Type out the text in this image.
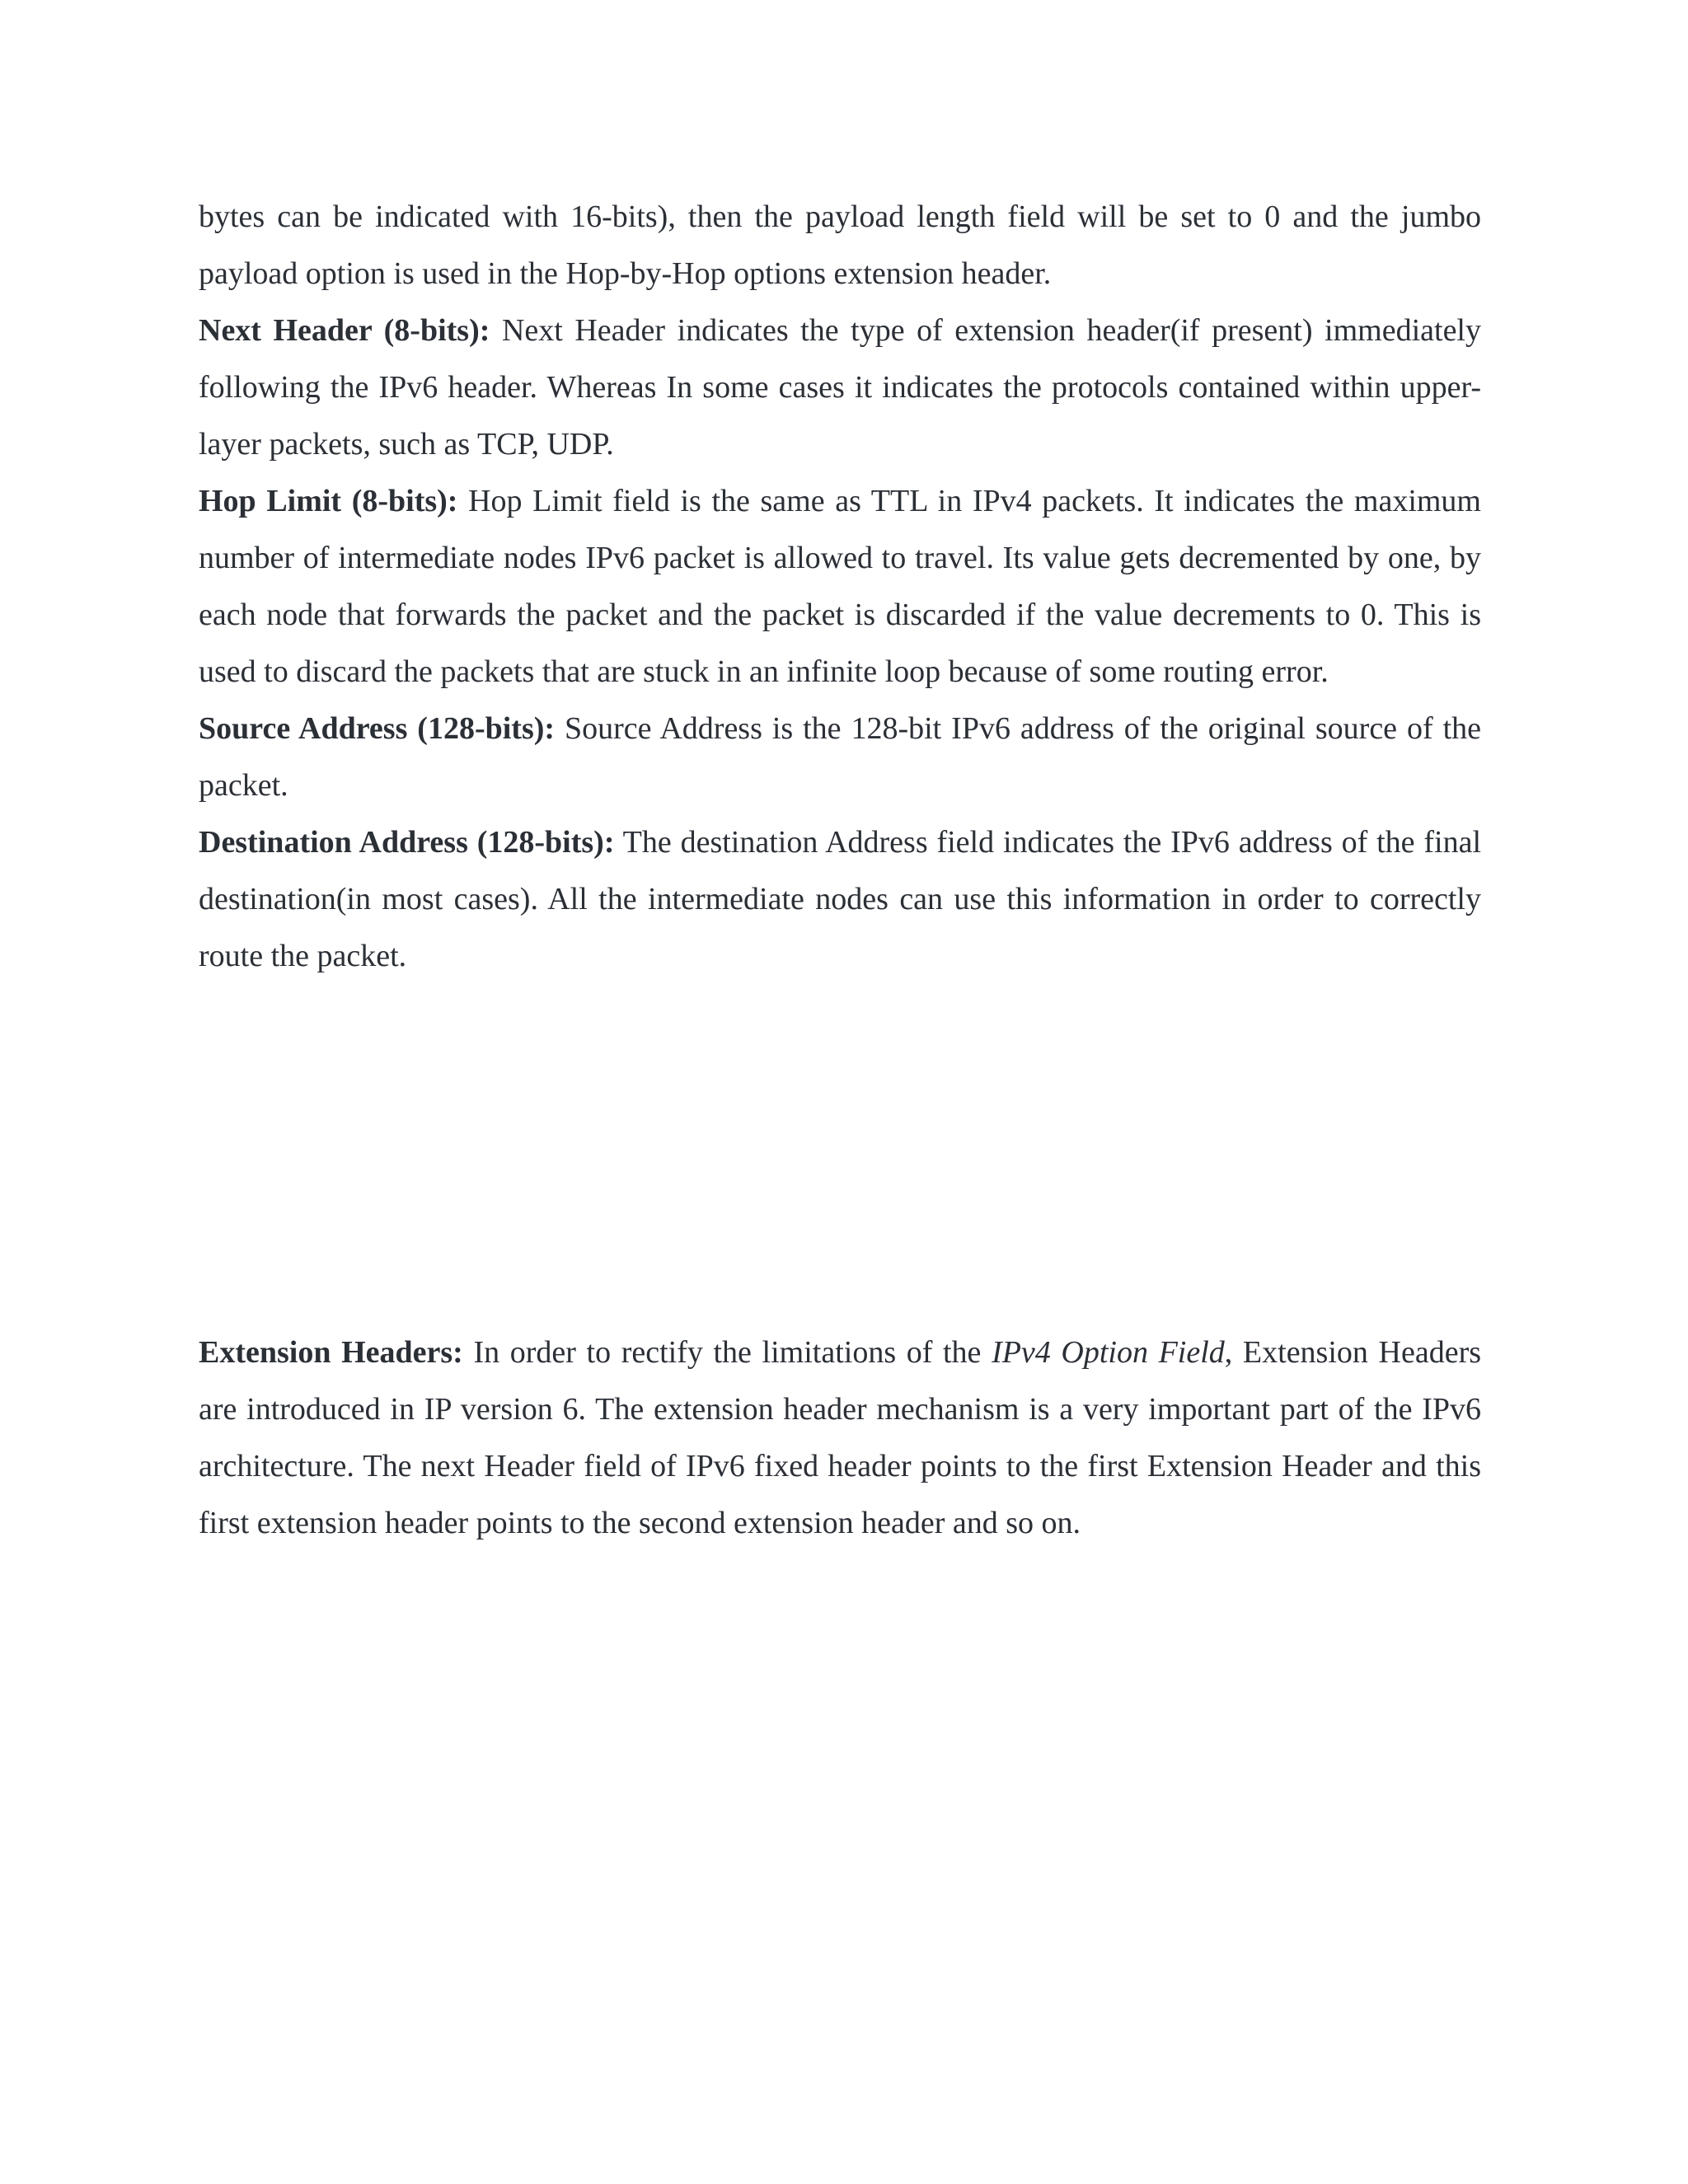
bytes can be indicated with 16-bits), then the payload length field will be set to 0 and the jumbo payload option is used in the Hop-by-Hop options extension header.

Next Header (8-bits): Next Header indicates the type of extension header(if present) immediately following the IPv6 header. Whereas In some cases it indicates the protocols contained within upper-layer packets, such as TCP, UDP.

Hop Limit (8-bits): Hop Limit field is the same as TTL in IPv4 packets. It indicates the maximum number of intermediate nodes IPv6 packet is allowed to travel. Its value gets decremented by one, by each node that forwards the packet and the packet is discarded if the value decrements to 0. This is used to discard the packets that are stuck in an infinite loop because of some routing error.

Source Address (128-bits): Source Address is the 128-bit IPv6 address of the original source of the packet.

Destination Address (128-bits): The destination Address field indicates the IPv6 address of the final destination(in most cases). All the intermediate nodes can use this information in order to correctly route the packet.

Extension Headers: In order to rectify the limitations of the IPv4 Option Field, Extension Headers are introduced in IP version 6. The extension header mechanism is a very important part of the IPv6 architecture. The next Header field of IPv6 fixed header points to the first Extension Header and this first extension header points to the second extension header and so on.
